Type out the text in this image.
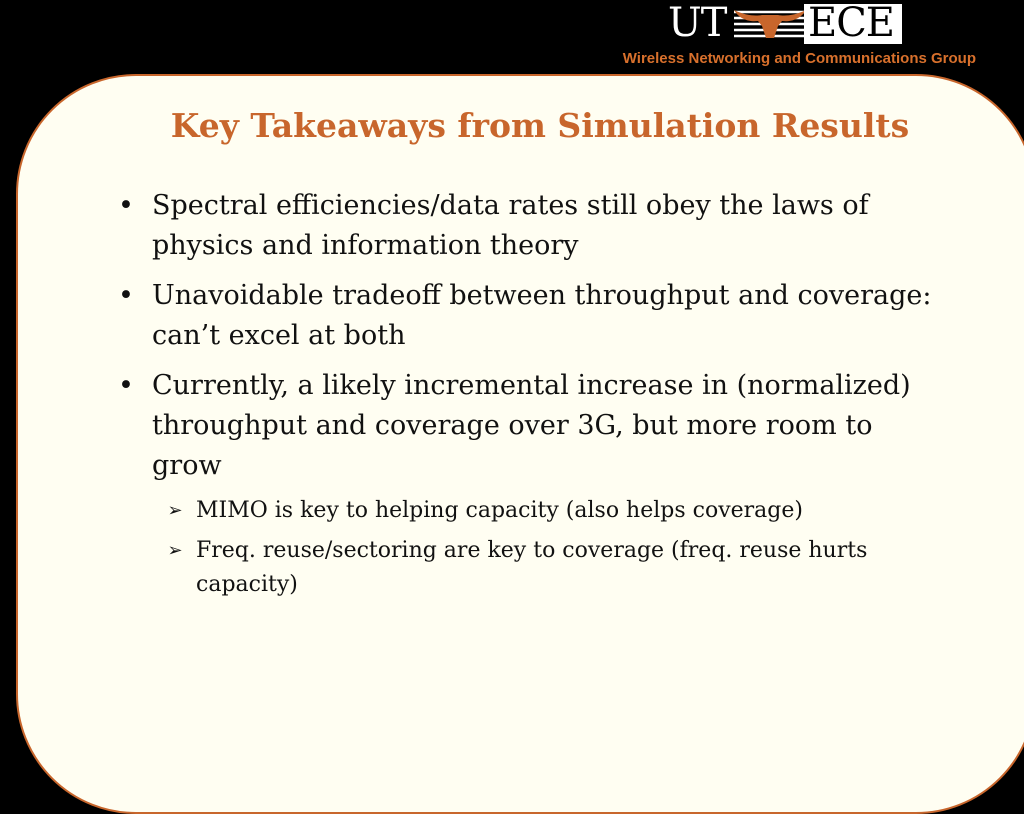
UT ECE
Wireless Networking and Communications Group
Key Takeaways from Simulation Results
• Spectral efficiencies/data rates still obey the laws of physics and information theory
• Unavoidable tradeoff between throughput and coverage: can’t excel at both
• Currently, a likely incremental increase in (normalized) throughput and coverage over 3G, but more room to grow
➢ MIMO is key to helping capacity (also helps coverage)
➢ Freq. reuse/sectoring are key to coverage (freq. reuse hurts capacity)
